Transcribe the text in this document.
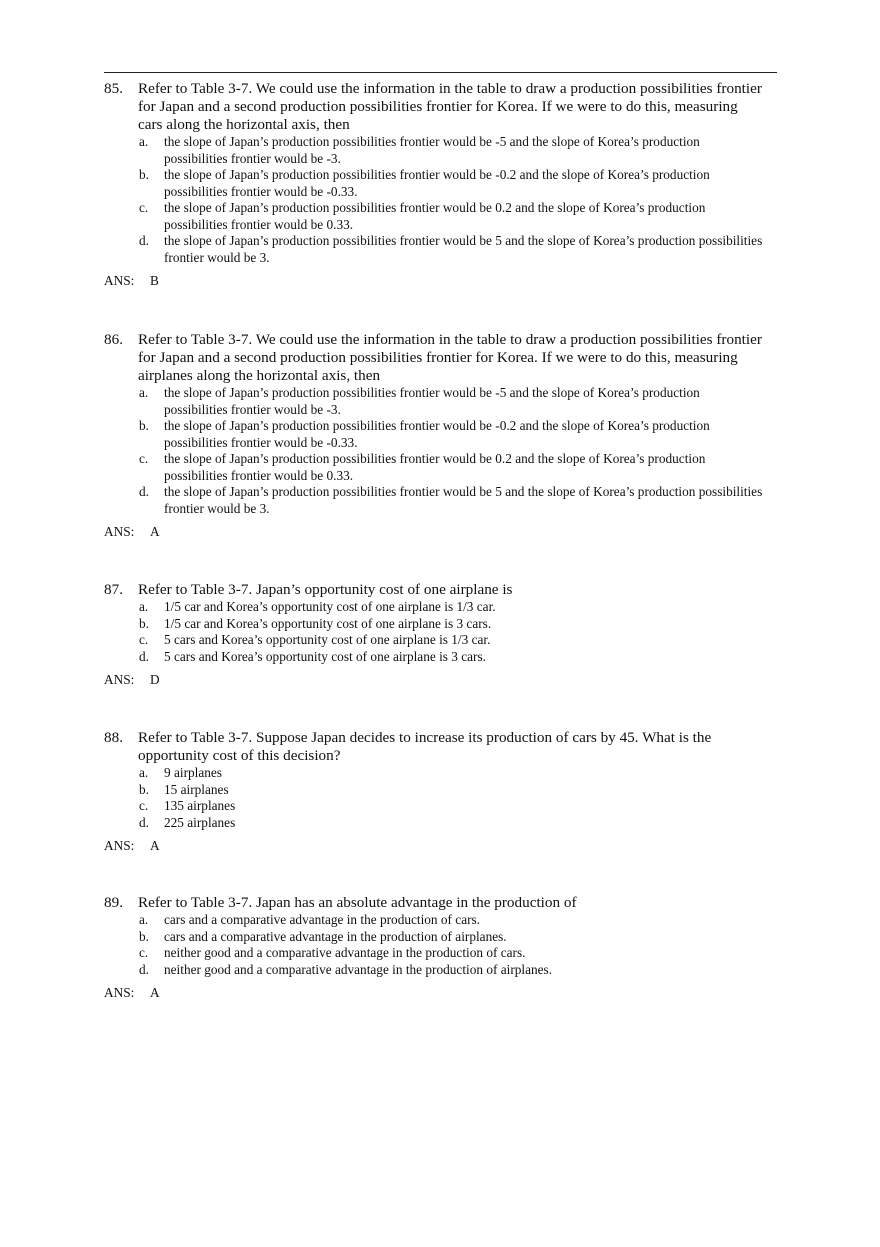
85. Refer to Table 3-7. We could use the information in the table to draw a production possibilities frontier for Japan and a second production possibilities frontier for Korea. If we were to do this, measuring cars along the horizontal axis, then
a. the slope of Japan’s production possibilities frontier would be -5 and the slope of Korea’s production possibilities frontier would be -3.
b. the slope of Japan’s production possibilities frontier would be -0.2 and the slope of Korea’s production possibilities frontier would be -0.33.
c. the slope of Japan’s production possibilities frontier would be 0.2 and the slope of Korea’s production possibilities frontier would be 0.33.
d. the slope of Japan’s production possibilities frontier would be 5 and the slope of Korea’s production possibilities frontier would be 3.
ANS:	B
86. Refer to Table 3-7. We could use the information in the table to draw a production possibilities frontier for Japan and a second production possibilities frontier for Korea. If we were to do this, measuring airplanes along the horizontal axis, then
a. the slope of Japan’s production possibilities frontier would be -5 and the slope of Korea’s production possibilities frontier would be -3.
b. the slope of Japan’s production possibilities frontier would be -0.2 and the slope of Korea’s production possibilities frontier would be -0.33.
c. the slope of Japan’s production possibilities frontier would be 0.2 and the slope of Korea’s production possibilities frontier would be 0.33.
d. the slope of Japan’s production possibilities frontier would be 5 and the slope of Korea’s production possibilities frontier would be 3.
ANS:	A
87. Refer to Table 3-7. Japan’s opportunity cost of one airplane is
a. 1/5 car and Korea’s opportunity cost of one airplane is 1/3 car.
b. 1/5 car and Korea’s opportunity cost of one airplane is 3 cars.
c. 5 cars and Korea’s opportunity cost of one airplane is 1/3 car.
d. 5 cars and Korea’s opportunity cost of one airplane is 3 cars.
ANS:	D
88. Refer to Table 3-7. Suppose Japan decides to increase its production of cars by 45. What is the opportunity cost of this decision?
a. 9 airplanes
b. 15 airplanes
c. 135 airplanes
d. 225 airplanes
ANS:	A
89. Refer to Table 3-7. Japan has an absolute advantage in the production of
a. cars and a comparative advantage in the production of cars.
b. cars and a comparative advantage in the production of airplanes.
c. neither good and a comparative advantage in the production of cars.
d. neither good and a comparative advantage in the production of airplanes.
ANS:	A
